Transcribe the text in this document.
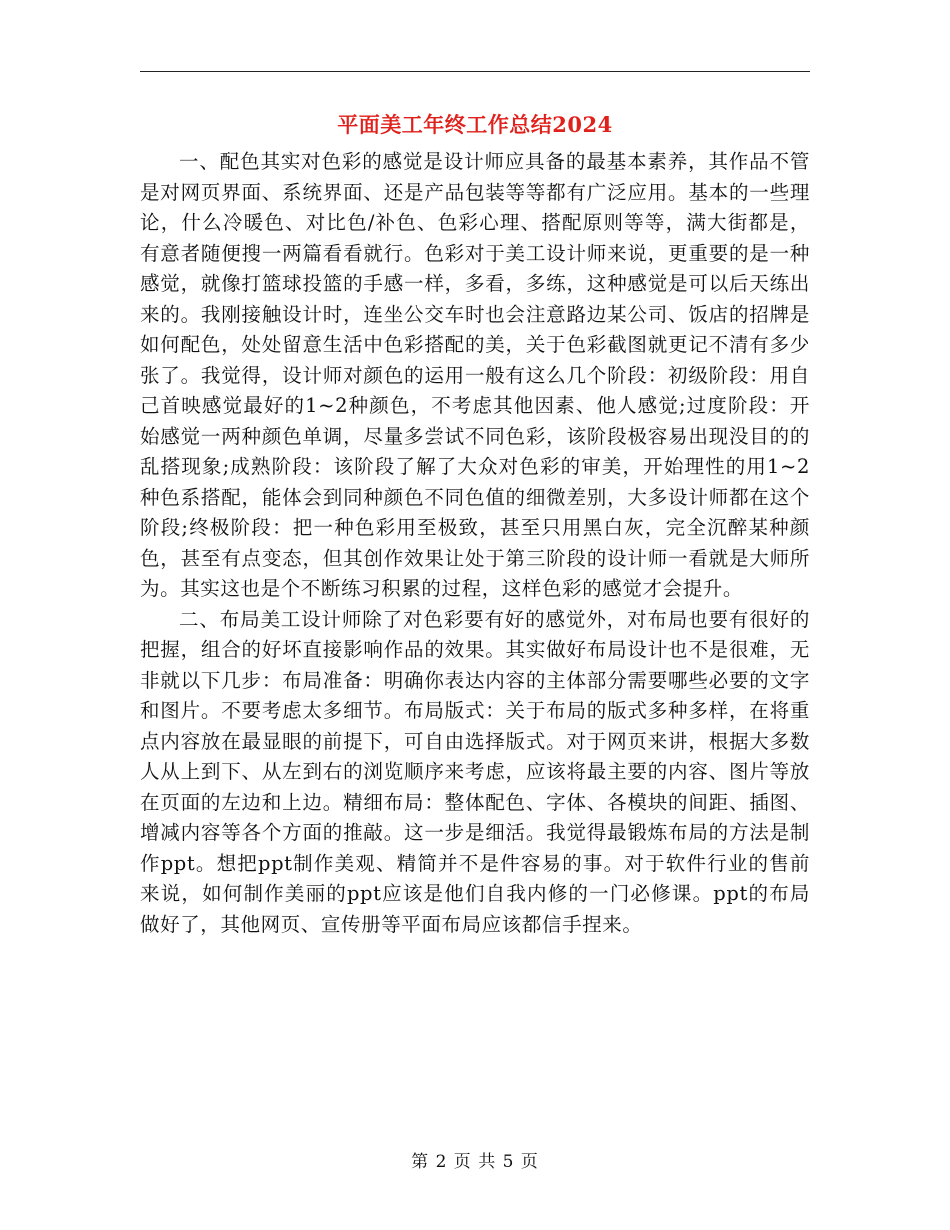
平面美工年终工作总结2024

一、配色其实对色彩的感觉是设计师应具备的最基本素养，其作品不管是对网页界面、系统界面、还是产品包装等等都有广泛应用。基本的一些理论，什么冷暖色、对比色/补色、色彩心理、搭配原则等等，满大街都是，有意者随便搜一两篇看看就行。色彩对于美工设计师来说，更重要的是一种感觉，就像打篮球投篮的手感一样，多看，多练，这种感觉是可以后天练出来的。我刚接触设计时，连坐公交车时也会注意路边某公司、饭店的招牌是如何配色，处处留意生活中色彩搭配的美，关于色彩截图就更记不清有多少张了。我觉得，设计师对颜色的运用一般有这么几个阶段：初级阶段：用自己首映感觉最好的1~2种颜色，不考虑其他因素、他人感觉;过度阶段：开始感觉一两种颜色单调，尽量多尝试不同色彩，该阶段极容易出现没目的的乱搭现象;成熟阶段：该阶段了解了大众对色彩的审美，开始理性的用1~2种色系搭配，能体会到同种颜色不同色值的细微差别，大多设计师都在这个阶段;终极阶段：把一种色彩用至极致，甚至只用黑白灰，完全沉醉某种颜色，甚至有点变态，但其创作效果让处于第三阶段的设计师一看就是大师所为。其实这也是个不断练习积累的过程，这样色彩的感觉才会提升。

二、布局美工设计师除了对色彩要有好的感觉外，对布局也要有很好的把握，组合的好坏直接影响作品的效果。其实做好布局设计也不是很难，无非就以下几步：布局准备：明确你表达内容的主体部分需要哪些必要的文字和图片。不要考虑太多细节。布局版式：关于布局的版式多种多样，在将重点内容放在最显眼的前提下，可自由选择版式。对于网页来讲，根据大多数人从上到下、从左到右的浏览顺序来考虑，应该将最主要的内容、图片等放在页面的左边和上边。精细布局：整体配色、字体、各模块的间距、插图、增减内容等各个方面的推敲。这一步是细活。我觉得最锻炼布局的方法是制作ppt。想把ppt制作美观、精简并不是件容易的事。对于软件行业的售前来说，如何制作美丽的ppt应该是他们自我内修的一门必修课。ppt的布局做好了，其他网页、宣传册等平面布局应该都信手捏来。

第 2 页 共 5 页
